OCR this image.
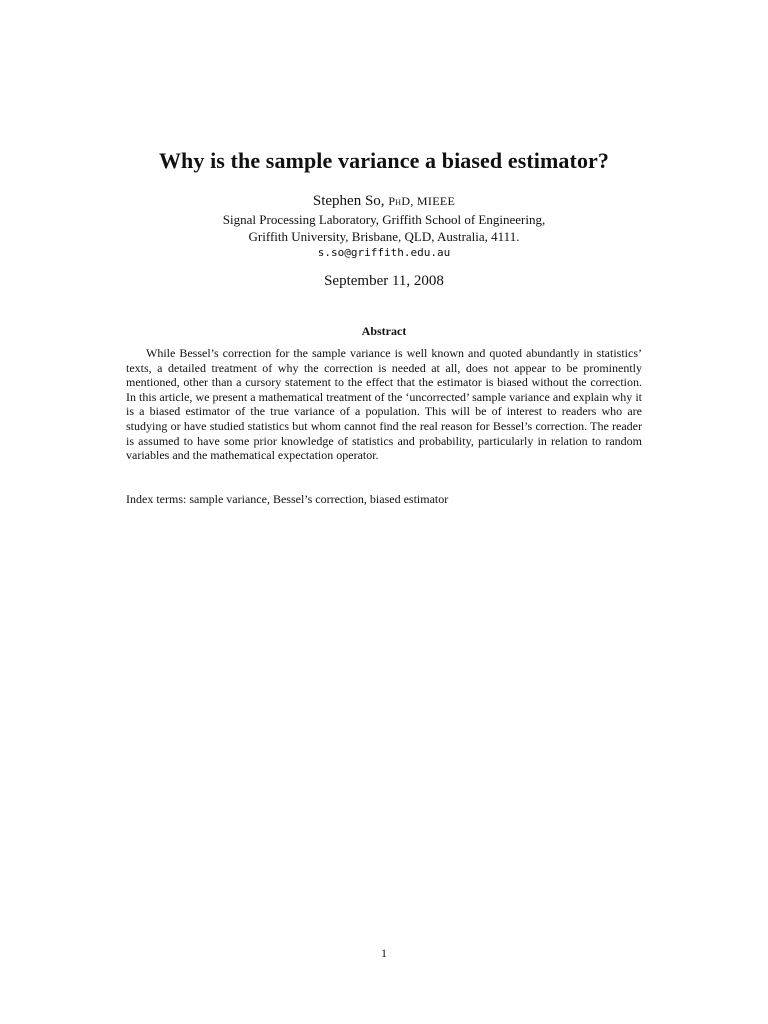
Why is the sample variance a biased estimator?
Stephen So, PhD, MIEEE
Signal Processing Laboratory, Griffith School of Engineering,
Griffith University, Brisbane, QLD, Australia, 4111.
s.so@griffith.edu.au
September 11, 2008
Abstract

While Bessel’s correction for the sample variance is well known and quoted abundantly in statistics’ texts, a detailed treatment of why the correction is needed at all, does not appear to be prominently mentioned, other than a cursory statement to the effect that the estimator is biased without the correction. In this article, we present a mathematical treatment of the ‘uncorrected’ sample variance and explain why it is a biased estimator of the true variance of a population. This will be of interest to readers who are studying or have studied statistics but whom cannot find the real reason for Bessel’s correction. The reader is assumed to have some prior knowledge of statistics and probability, particularly in relation to random variables and the mathematical expectation operator.

Index terms: sample variance, Bessel’s correction, biased estimator

1
